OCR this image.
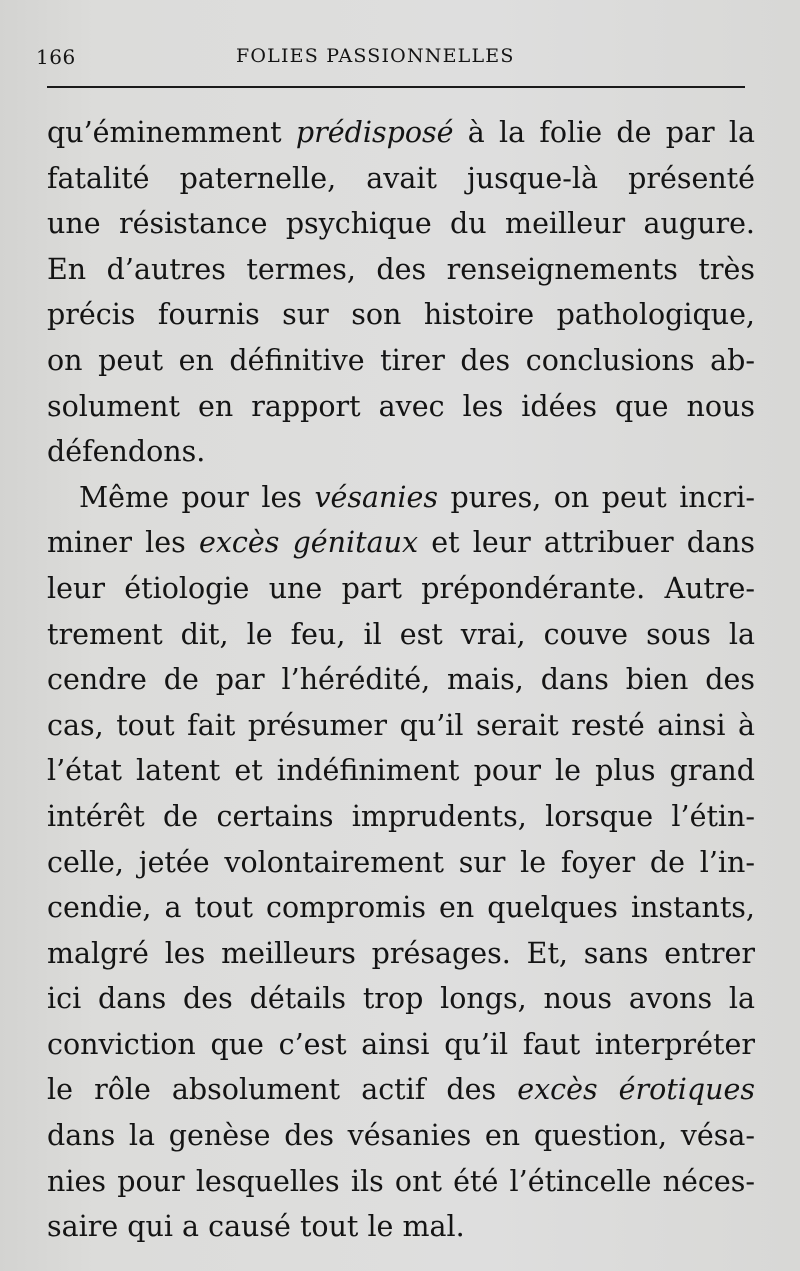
166	FOLIES PASSIONNELLES
qu’éminemment prédisposé à la folie de par la
fatalité paternelle, avait jusque-là présenté
une résistance psychique du meilleur augure.
En d’autres termes, des renseignements très
précis fournis sur son histoire pathologique,
on peut en définitive tirer des conclusions ab-
solument en rapport avec les idées que nous
défendons.
Même pour les vésanies pures, on peut incri-
miner les excès génitaux et leur attribuer dans
leur étiologie une part prépondérante. Autre-
trement dit, le feu, il est vrai, couve sous la
cendre de par l’hérédité, mais, dans bien des
cas, tout fait présumer qu’il serait resté ainsi à
l’état latent et indéfiniment pour le plus grand
intérêt de certains imprudents, lorsque l’étin-
celle, jetée volontairement sur le foyer de l’in-
cendie, a tout compromis en quelques instants,
malgré les meilleurs présages. Et, sans entrer
ici dans des détails trop longs, nous avons la
conviction que c’est ainsi qu’il faut interpréter
le rôle absolument actif des excès érotiques
dans la genèse des vésanies en question, vésa-
nies pour lesquelles ils ont été l’étincelle néces-
saire qui a causé tout le mal.
